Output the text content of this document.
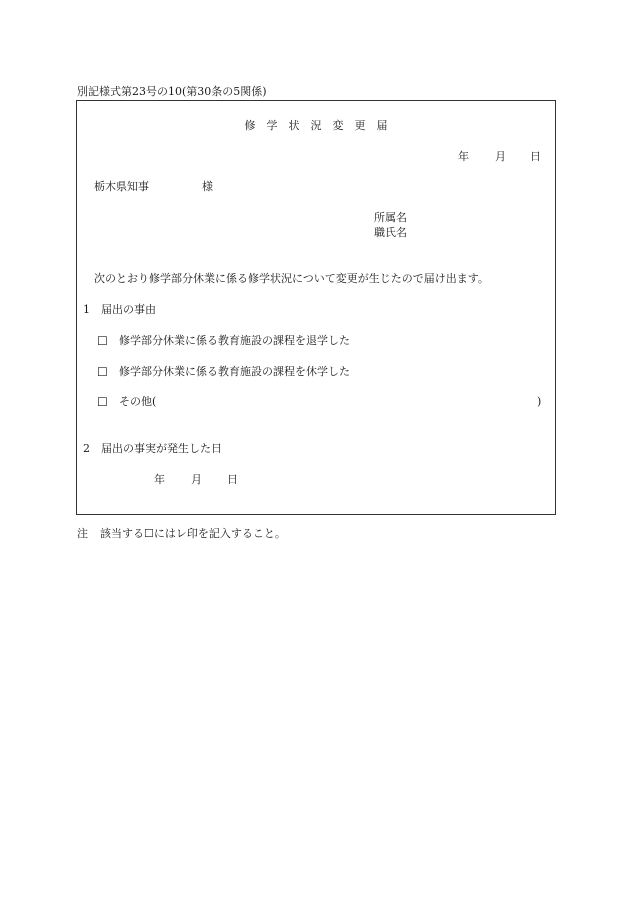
別記様式第23号の10(第30条の5関係)
修学状況変更届
年 月 日
栃木県知事	様
所属名
職氏名
次のとおり修学部分休業に係る修学状況について変更が生じたので届け出ます。
1 届出の事由
☐ 修学部分休業に係る教育施設の課程を退学した
☐ 修学部分休業に係る教育施設の課程を休学した
☐ その他(	)
2 届出の事実が発生した日
年 月 日
注 該当する☐にはレ印を記入すること。
